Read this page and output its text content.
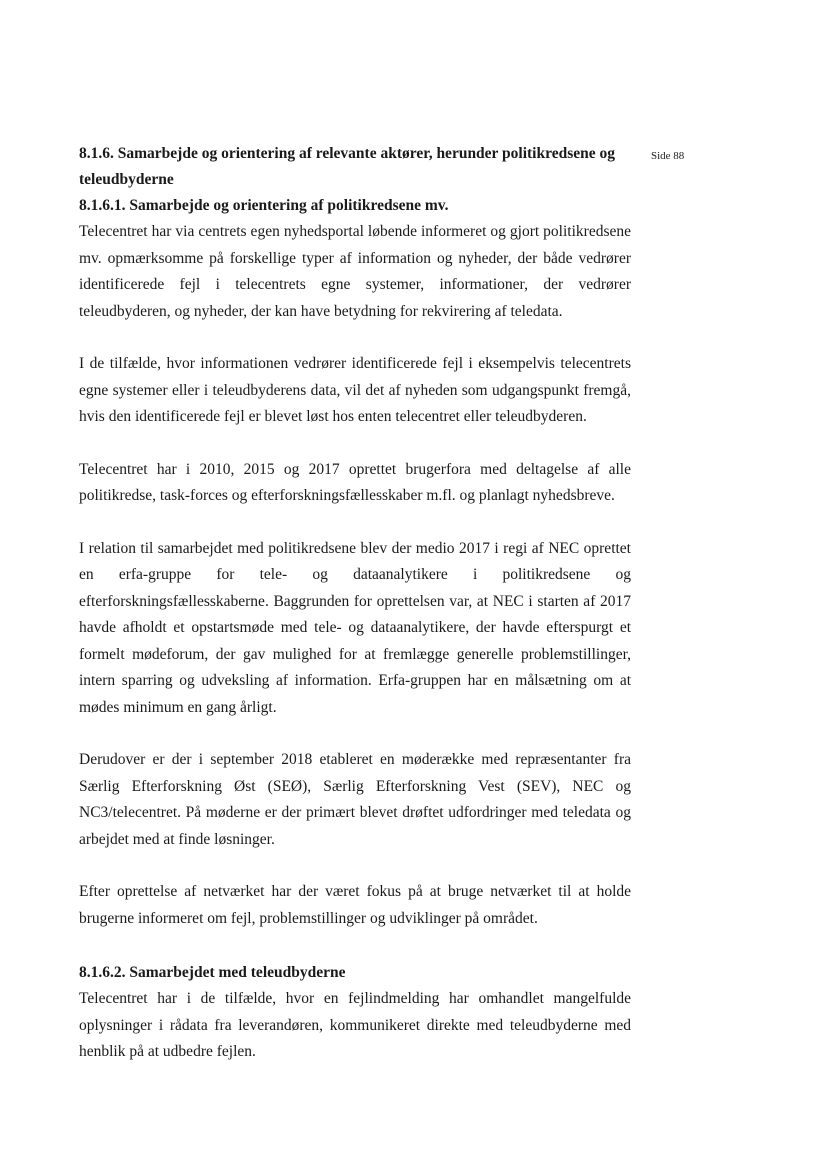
Side 88

8.1.6. Samarbejde og orientering af relevante aktører, herunder politikredsene og teleudbyderne

8.1.6.1. Samarbejde og orientering af politikredsene mv.

Telecentret har via centrets egen nyhedsportal løbende informeret og gjort politikredsene mv. opmærksomme på forskellige typer af information og nyheder, der både vedrører identificerede fejl i telecentrets egne systemer, informationer, der vedrører teleudbyderen, og nyheder, der kan have betydning for rekvirering af teledata.

I de tilfælde, hvor informationen vedrører identificerede fejl i eksempelvis telecentrets egne systemer eller i teleudbyderens data, vil det af nyheden som udgangspunkt fremgå, hvis den identificerede fejl er blevet løst hos enten telecentret eller teleudbyderen.

Telecentret har i 2010, 2015 og 2017 oprettet brugerfora med deltagelse af alle politikredse, task-forces og efterforskningsfællesskaber m.fl. og planlagt nyhedsbreve.

I relation til samarbejdet med politikredsene blev der medio 2017 i regi af NEC oprettet en erfa-gruppe for tele- og dataanalytikere i politikredsene og efterforskningsfællesskaberne. Baggrunden for oprettelsen var, at NEC i starten af 2017 havde afholdt et opstartsmøde med tele- og dataanalytikere, der havde efterspurgt et formelt mødeforum, der gav mulighed for at fremlægge generelle problemstillinger, intern sparring og udveksling af information. Erfa-gruppen har en målsætning om at mødes minimum en gang årligt.

Derudover er der i september 2018 etableret en møderække med repræsentanter fra Særlig Efterforskning Øst (SEØ), Særlig Efterforskning Vest (SEV), NEC og NC3/telecentret. På møderne er der primært blevet drøftet udfordringer med teledata og arbejdet med at finde løsninger.

Efter oprettelse af netværket har der været fokus på at bruge netværket til at holde brugerne informeret om fejl, problemstillinger og udviklinger på området.

8.1.6.2. Samarbejdet med teleudbyderne

Telecentret har i de tilfælde, hvor en fejlindmelding har omhandlet mangelfulde oplysninger i rådata fra leverandøren, kommunikeret direkte med teleudbyderne med henblik på at udbedre fejlen.
